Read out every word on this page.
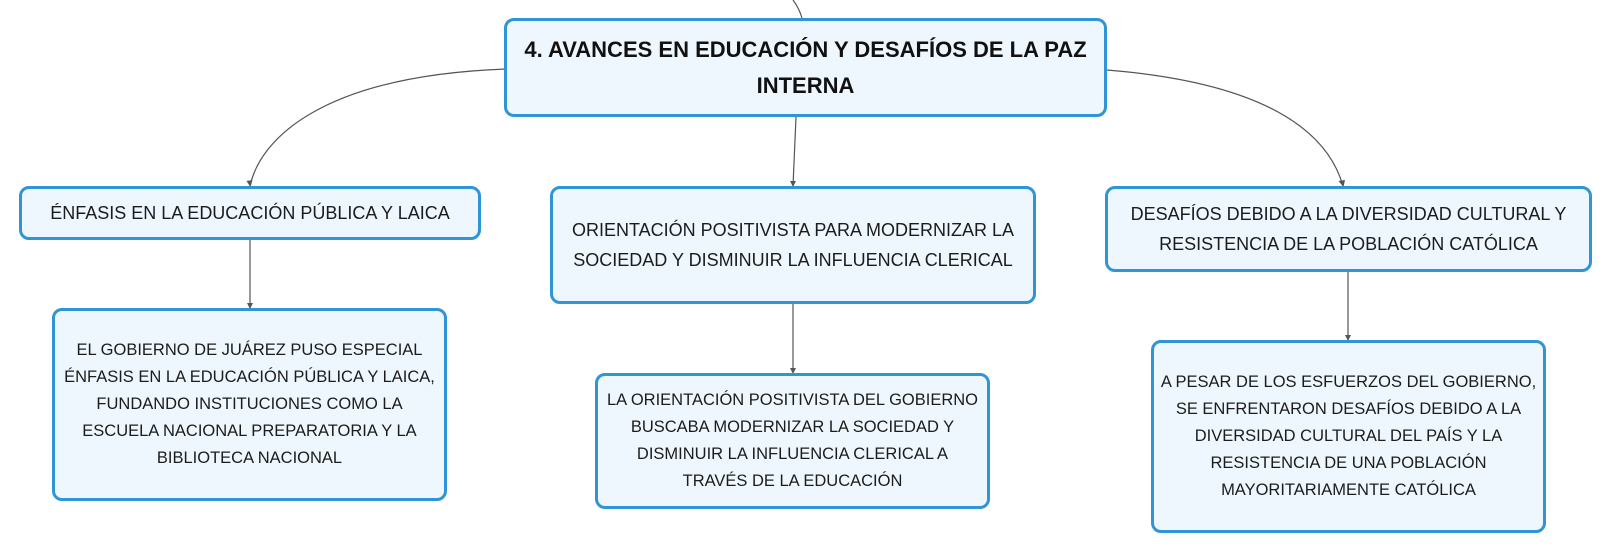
4. AVANCES EN EDUCACIÓN Y DESAFÍOS DE LA PAZ INTERNA
ÉNFASIS EN LA EDUCACIÓN PÚBLICA Y LAICA
ORIENTACIÓN POSITIVISTA PARA MODERNIZAR LA SOCIEDAD Y DISMINUIR LA INFLUENCIA CLERICAL
DESAFÍOS DEBIDO A LA DIVERSIDAD CULTURAL Y RESISTENCIA DE LA POBLACIÓN CATÓLICA
EL GOBIERNO DE JUÁREZ PUSO ESPECIAL ÉNFASIS EN LA EDUCACIÓN PÚBLICA Y LAICA, FUNDANDO INSTITUCIONES COMO LA ESCUELA NACIONAL PREPARATORIA Y LA BIBLIOTECA NACIONAL
LA ORIENTACIÓN POSITIVISTA DEL GOBIERNO BUSCABA MODERNIZAR LA SOCIEDAD Y DISMINUIR LA INFLUENCIA CLERICAL A TRAVÉS DE LA EDUCACIÓN
A PESAR DE LOS ESFUERZOS DEL GOBIERNO, SE ENFRENTARON DESAFÍOS DEBIDO A LA DIVERSIDAD CULTURAL DEL PAÍS Y LA RESISTENCIA DE UNA POBLACIÓN MAYORITARIAMENTE CATÓLICA
